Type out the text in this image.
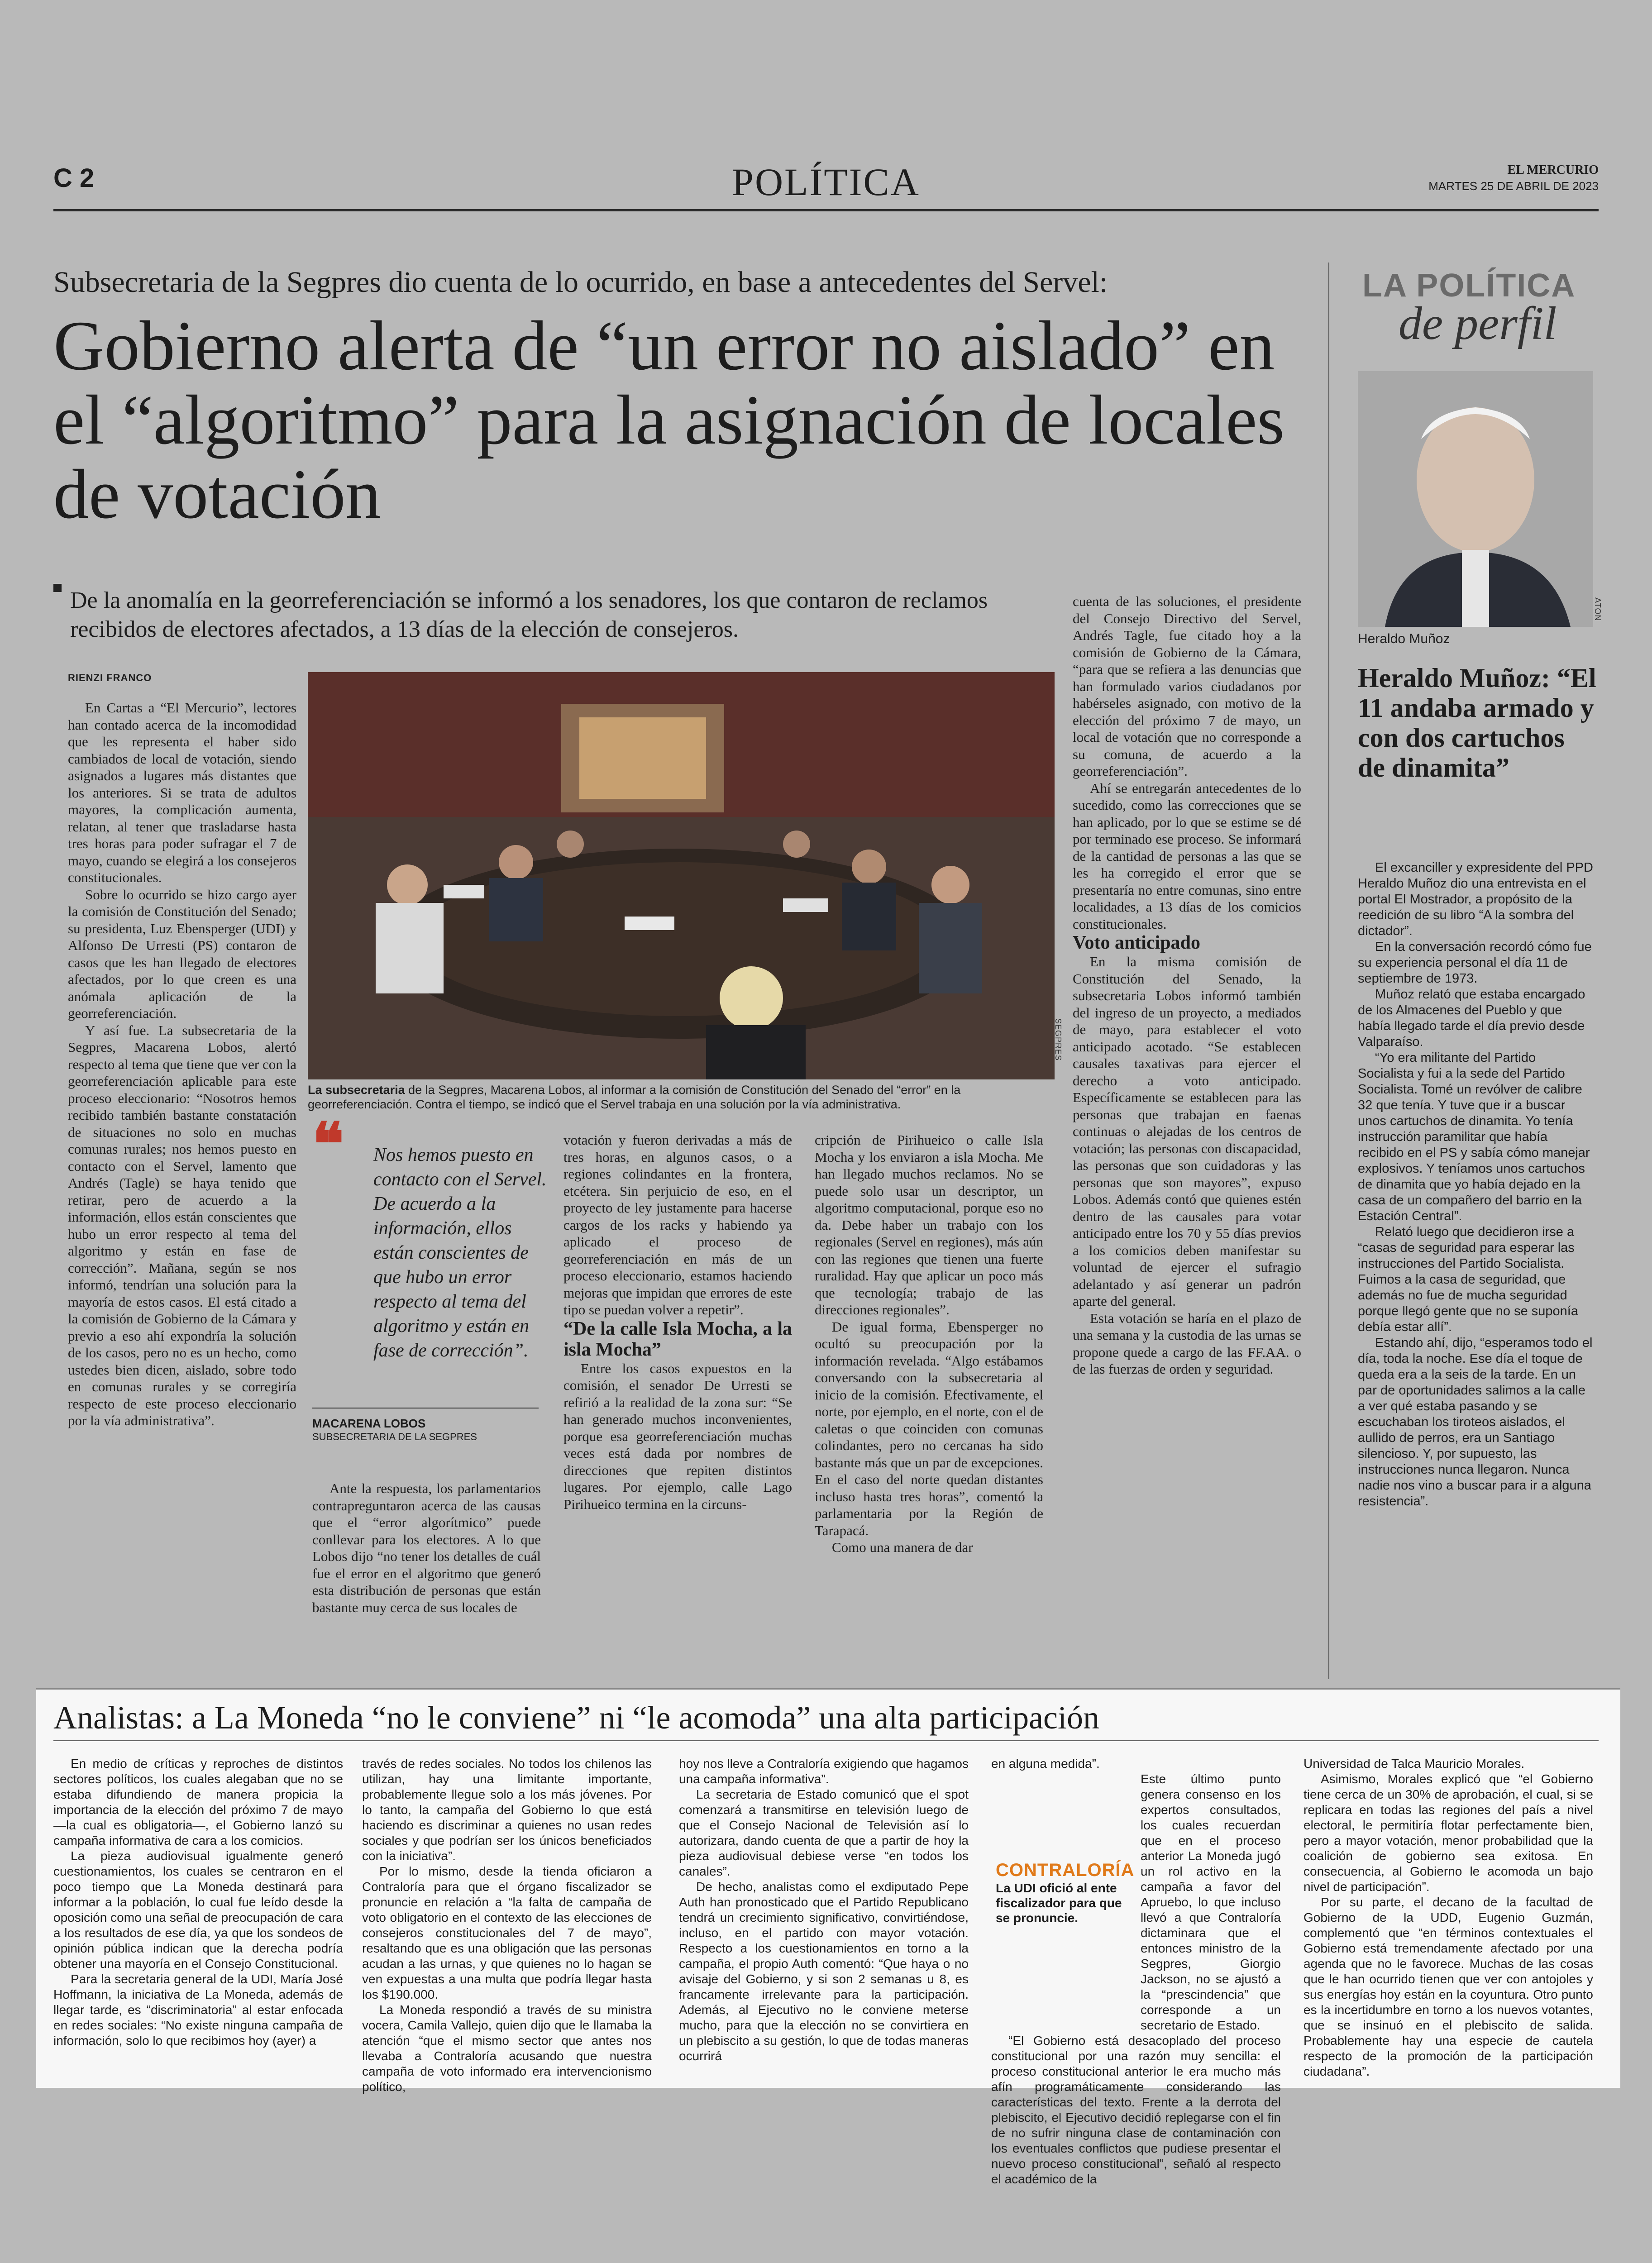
C 2	POLÍTICA	EL MERCURIO
MARTES 25 DE ABRIL DE 2023
Subsecretaria de la Segpres dio cuenta de lo ocurrido, en base a antecedentes del Servel:
Gobierno alerta de “un error no aislado” en el “algoritmo” para la asignación de locales de votación
De la anomalía en la georreferenciación se informó a los senadores, los que contaron de reclamos recibidos de electores afectados, a 13 días de la elección de consejeros.
RIENZI FRANCO
SEGPRES
La subsecretaria de la Segpres, Macarena Lobos, al informar a la comisión de Constitución del Senado del “error” en la georreferenciación. Contra el tiempo, se indicó que el Servel trabaja en una solución por la vía administrativa.

En Cartas a “El Mercurio”, lectores han contado acerca de la incomodidad que les representa el haber sido cambiados de local de votación, siendo asignados a lugares más distantes que los anteriores. Si se trata de adultos mayores, la complicación aumenta, relatan, al tener que trasladarse hasta tres horas para poder sufragar el 7 de mayo, cuando se elegirá a los consejeros constitucionales.

Sobre lo ocurrido se hizo cargo ayer la comisión de Constitución del Senado; su presidenta, Luz Ebensperger (UDI) y Alfonso De Urresti (PS) contaron de casos que les han llegado de electores afectados, por lo que creen es una anómala aplicación de la georreferenciación.

Y así fue. La subsecretaria de la Segpres, Macarena Lobos, alertó respecto al tema que tiene que ver con la georreferenciación aplicable para este proceso eleccionario: “Nosotros hemos recibido también bastante constatación de situaciones no solo en muchas comunas rurales; nos hemos puesto en contacto con el Servel, lamento que Andrés (Tagle) se haya tenido que retirar, pero de acuerdo a la información, ellos están conscientes que hubo un error respecto al tema del algoritmo y están en fase de corrección”. Mañana, según se nos informó, tendrían una solución para la mayoría de estos casos. El está citado a la comisión de Gobierno de la Cámara y previo a eso ahí expondría la solución de los casos, pero no es un hecho, como ustedes bien dicen, aislado, sobre todo en comunas rurales y se corregiría respecto de este proceso eleccionario por la vía administrativa”.

❝ Nos hemos puesto en contacto con el Servel. De acuerdo a la información, ellos están conscientes de que hubo un error respecto al tema del algoritmo y están en fase de corrección”.
MACARENA LOBOS
SUBSECRETARIA DE LA SEGPRES

Ante la respuesta, los parlamentarios contrapreguntaron acerca de las causas que el “error algorítmico” puede conllevar para los electores. A lo que Lobos dijo “no tener los detalles de cuál fue el error en el algoritmo que generó esta distribución de personas que están bastante muy cerca de sus locales de

votación y fueron derivadas a más de tres horas, en algunos casos, o a regiones colindantes en la frontera, etcétera. Sin perjuicio de eso, en el proyecto de ley justamente para hacerse cargos de los racks y habiendo ya aplicado el proceso de georreferenciación en más de un proceso eleccionario, estamos haciendo mejoras que impidan que errores de este tipo se puedan volver a repetir”.

“De la calle Isla Mocha, a la isla Mocha”

Entre los casos expuestos en la comisión, el senador De Urresti se refirió a la realidad de la zona sur: “Se han generado muchos inconvenientes, porque esa georreferenciación muchas veces está dada por nombres de direcciones que repiten distintos lugares. Por ejemplo, calle Lago Pirihueico termina en la circuns-

cripción de Pirihueico o calle Isla Mocha y los enviaron a isla Mocha. Me han llegado muchos reclamos. No se puede solo usar un descriptor, un algoritmo computacional, porque eso no da. Debe haber un trabajo con los regionales (Servel en regiones), más aún con las regiones que tienen una fuerte ruralidad. Hay que aplicar un poco más que tecnología; trabajo de las direcciones regionales”.

De igual forma, Ebensperger no ocultó su preocupación por la información revelada. “Algo estábamos conversando con la subsecretaria al inicio de la comisión. Efectivamente, el norte, por ejemplo, en el norte, con el de caletas o que coinciden con comunas colindantes, pero no cercanas ha sido bastante más que un par de excepciones. En el caso del norte quedan distantes incluso hasta tres horas”, comentó la parlamentaria por la Región de Tarapacá.

Como una manera de dar

cuenta de las soluciones, el presidente del Consejo Directivo del Servel, Andrés Tagle, fue citado hoy a la comisión de Gobierno de la Cámara, “para que se refiera a las denuncias que han formulado varios ciudadanos por habérseles asignado, con motivo de la elección del próximo 7 de mayo, un local de votación que no corresponde a su comuna, de acuerdo a la georreferenciación”.

Ahí se entregarán antecedentes de lo sucedido, como las correcciones que se han aplicado, por lo que se estime se dé por terminado ese proceso. Se informará de la cantidad de personas a las que se les ha corregido el error que se presentaría no entre comunas, sino entre localidades, a 13 días de los comicios constitucionales.

Voto anticipado

En la misma comisión de Constitución del Senado, la subsecretaria Lobos informó también del ingreso de un proyecto, a mediados de mayo, para establecer el voto anticipado acotado. “Se establecen causales taxativas para ejercer el derecho a voto anticipado. Específicamente se establecen para las personas que trabajan en faenas continuas o alejadas de los centros de votación; las personas con discapacidad, las personas que son cuidadoras y las personas que son mayores”, expuso Lobos. Además contó que quienes estén dentro de las causales para votar anticipado entre los 70 y 55 días previos a los comicios deben manifestar su voluntad de ejercer el sufragio adelantado y así generar un padrón aparte del general.

Esta votación se haría en el plazo de una semana y la custodia de las urnas se propone quede a cargo de las FF.AA. o de las fuerzas de orden y seguridad.

LA POLÍTICA
de perfil
ATON
Heraldo Muñoz
Heraldo Muñoz: “El 11 andaba armado y con dos cartuchos de dinamita”

El excanciller y expresidente del PPD Heraldo Muñoz dio una entrevista en el portal El Mostrador, a propósito de la reedición de su libro “A la sombra del dictador”.

En la conversación recordó cómo fue su experiencia personal el día 11 de septiembre de 1973.

Muñoz relató que estaba encargado de los Almacenes del Pueblo y que había llegado tarde el día previo desde Valparaíso.

“Yo era militante del Partido Socialista y fui a la sede del Partido Socialista. Tomé un revólver de calibre 32 que tenía. Y tuve que ir a buscar unos cartuchos de dinamita. Yo tenía instrucción paramilitar que había recibido en el PS y sabía cómo manejar explosivos. Y teníamos unos cartuchos de dinamita que yo había dejado en la casa de un compañero del barrio en la Estación Central”.

Relató luego que decidieron irse a “casas de seguridad para esperar las instrucciones del Partido Socialista. Fuimos a la casa de seguridad, que además no fue de mucha seguridad porque llegó gente que no se suponía debía estar allí”.

Estando ahí, dijo, “esperamos todo el día, toda la noche. Ese día el toque de queda era a la seis de la tarde. En un par de oportunidades salimos a la calle a ver qué estaba pasando y se escuchaban los tiroteos aislados, el aullido de perros, era un Santiago silencioso. Y, por supuesto, las instrucciones nunca llegaron. Nunca nadie nos vino a buscar para ir a alguna resistencia”.

Analistas: a La Moneda “no le conviene” ni “le acomoda” una alta participación

En medio de críticas y reproches de distintos sectores políticos, los cuales alegaban que no se estaba difundiendo de manera propicia la importancia de la elección del próximo 7 de mayo —la cual es obligatoria—, el Gobierno lanzó su campaña informativa de cara a los comicios.

La pieza audiovisual igualmente generó cuestionamientos, los cuales se centraron en el poco tiempo que La Moneda destinará para informar a la población, lo cual fue leído desde la oposición como una señal de preocupación de cara a los resultados de ese día, ya que los sondeos de opinión pública indican que la derecha podría obtener una mayoría en el Consejo Constitucional.

Para la secretaria general de la UDI, María José Hoffmann, la iniciativa de La Moneda, además de llegar tarde, es “discriminatoria” al estar enfocada en redes sociales: “No existe ninguna campaña de información, solo lo que recibimos hoy (ayer) a

través de redes sociales. No todos los chilenos las utilizan, hay una limitante importante, probablemente llegue solo a los más jóvenes. Por lo tanto, la campaña del Gobierno lo que está haciendo es discriminar a quienes no usan redes sociales y que podrían ser los únicos beneficiados con la iniciativa”.

Por lo mismo, desde la tienda oficiaron a Contraloría para que el órgano fiscalizador se pronuncie en relación a “la falta de campaña de voto obligatorio en el contexto de las elecciones de consejeros constitucionales del 7 de mayo”, resaltando que es una obligación que las personas acudan a las urnas, y que quienes no lo hagan se ven expuestas a una multa que podría llegar hasta los $190.000.

La Moneda respondió a través de su ministra vocera, Camila Vallejo, quien dijo que le llamaba la atención “que el mismo sector que antes nos llevaba a Contraloría acusando que nuestra campaña de voto informado era intervencionismo político,

hoy nos lleve a Contraloría exigiendo que hagamos una campaña informativa”.

La secretaria de Estado comunicó que el spot comenzará a transmitirse en televisión luego de que el Consejo Nacional de Televisión así lo autorizara, dando cuenta de que a partir de hoy la pieza audiovisual debiese verse “en todos los canales”.

De hecho, analistas como el exdiputado Pepe Auth han pronosticado que el Partido Republicano tendrá un crecimiento significativo, convirtiéndose, incluso, en el partido con mayor votación. Respecto a los cuestionamientos en torno a la campaña, el propio Auth comentó: “Que haya o no avisaje del Gobierno, y si son 2 semanas u 8, es francamente irrelevante para la participación. Además, al Ejecutivo no le conviene meterse mucho, para que la elección no se convirtiera en un plebiscito a su gestión, lo que de todas maneras ocurrirá

CONTRALORÍA
La UDI ofició al ente fiscalizador para que se pronuncie.

en alguna medida”.

Este último punto genera consenso en los expertos consultados, los cuales recuerdan que en el proceso anterior La Moneda jugó un rol activo en la campaña a favor del Apruebo, lo que incluso llevó a que Contraloría dictaminara que el entonces ministro de la Segpres, Giorgio Jackson, no se ajustó a la “prescindencia” que corresponde a un secretario de Estado.

“El Gobierno está desacoplado del proceso constitucional por una razón muy sencilla: el proceso constitucional anterior le era mucho más afín programáticamente considerando las características del texto. Frente a la derrota del plebiscito, el Ejecutivo decidió replegarse con el fin de no sufrir ninguna clase de contaminación con los eventuales conflictos que pudiese presentar el nuevo proceso constitucional”, señaló al respecto el académico de la

Universidad de Talca Mauricio Morales.

Asimismo, Morales explicó que “el Gobierno tiene cerca de un 30% de aprobación, el cual, si se replicara en todas las regiones del país a nivel electoral, le permitiría flotar perfectamente bien, pero a mayor votación, menor probabilidad que la coalición de gobierno sea exitosa. En consecuencia, al Gobierno le acomoda un bajo nivel de participación”.

Por su parte, el decano de la facultad de Gobierno de la UDD, Eugenio Guzmán, complementó que “en términos contextuales el Gobierno está tremendamente afectado por una agenda que no le favorece. Muchas de las cosas que le han ocurrido tienen que ver con antojoles y sus energías hoy están en la coyuntura. Otro punto es la incertidumbre en torno a los nuevos votantes, que se insinuó en el plebiscito de salida. Probablemente hay una especie de cautela respecto de la promoción de la participación ciudadana”.
